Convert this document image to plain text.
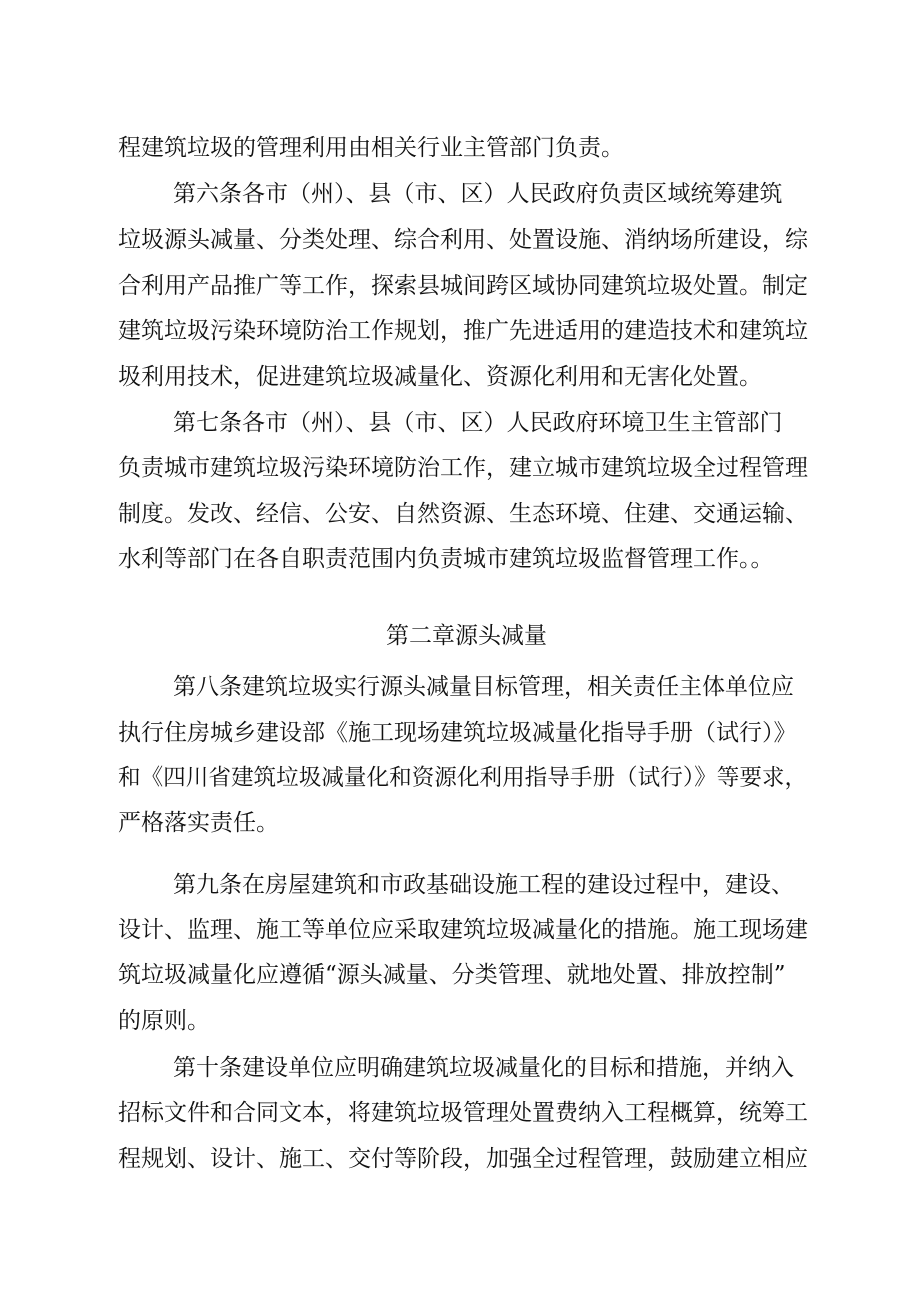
程建筑垃圾的管理利用由相关行业主管部门负责。
第六条各市（州）、县（市、区）人民政府负责区域统筹建筑
垃圾源头减量、分类处理、综合利用、处置设施、消纳场所建设，综
合利用产品推广等工作，探索县城间跨区域协同建筑垃圾处置。制定
建筑垃圾污染环境防治工作规划，推广先进适用的建造技术和建筑垃
圾利用技术，促进建筑垃圾减量化、资源化利用和无害化处置。
第七条各市（州）、县（市、区）人民政府环境卫生主管部门
负责城市建筑垃圾污染环境防治工作，建立城市建筑垃圾全过程管理
制度。发改、经信、公安、自然资源、生态环境、住建、交通运输、
水利等部门在各自职责范围内负责城市建筑垃圾监督管理工作。。
第二章源头减量
第八条建筑垃圾实行源头减量目标管理，相关责任主体单位应
执行住房城乡建设部《施工现场建筑垃圾减量化指导手册（试行）》
和《四川省建筑垃圾减量化和资源化利用指导手册（试行）》等要求，
严格落实责任。
第九条在房屋建筑和市政基础设施工程的建设过程中，建设、
设计、监理、施工等单位应采取建筑垃圾减量化的措施。施工现场建
筑垃圾减量化应遵循“源头减量、分类管理、就地处置、排放控制”
的原则。
第十条建设单位应明确建筑垃圾减量化的目标和措施，并纳入
招标文件和合同文本，将建筑垃圾管理处置费纳入工程概算，统筹工
程规划、设计、施工、交付等阶段，加强全过程管理，鼓励建立相应
